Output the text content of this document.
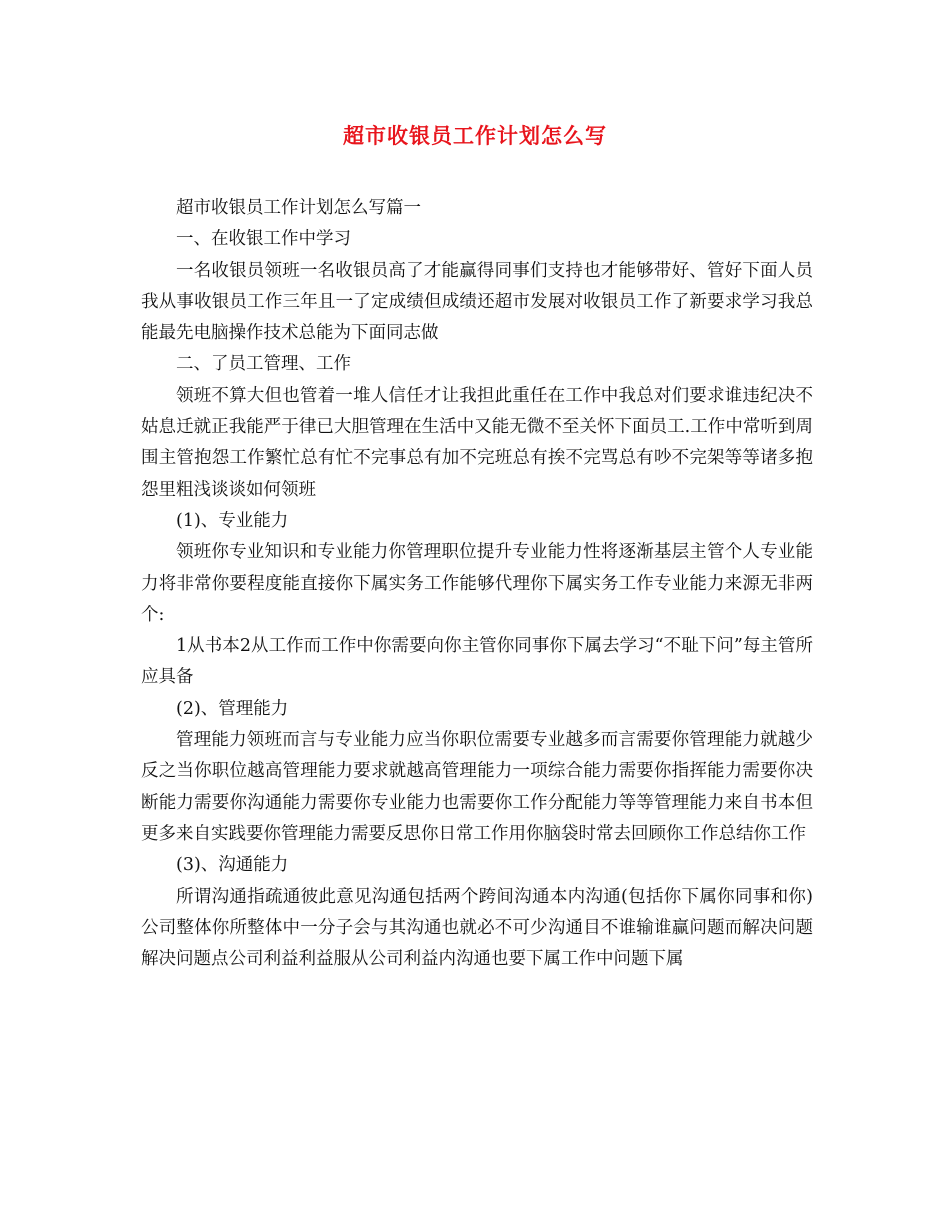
超市收银员工作计划怎么写

超市收银员工作计划怎么写篇一

一、在收银工作中学习

一名收银员领班一名收银员高了才能赢得同事们支持也才能够带好、管好下面人员我从事收银员工作三年且一了定成绩但成绩还超市发展对收银员工作了新要求学习我总能最先电脑操作技术总能为下面同志做

二、了员工管理、工作

领班不算大但也管着一堆人信任才让我担此重任在工作中我总对们要求谁违纪决不姑息迁就正我能严于律已大胆管理在生活中又能无微不至关怀下面员工.工作中常听到周围主管抱怨工作繁忙总有忙不完事总有加不完班总有挨不完骂总有吵不完架等等诸多抱怨里粗浅谈谈如何领班

(1)、专业能力

领班你专业知识和专业能力你管理职位提升专业能力性将逐渐基层主管个人专业能力将非常你要程度能直接你下属实务工作能够代理你下属实务工作专业能力来源无非两个:

1从书本2从工作而工作中你需要向你主管你同事你下属去学习“不耻下问”每主管所应具备

(2)、管理能力

管理能力领班而言与专业能力应当你职位需要专业越多而言需要你管理能力就越少反之当你职位越高管理能力要求就越高管理能力一项综合能力需要你指挥能力需要你决断能力需要你沟通能力需要你专业能力也需要你工作分配能力等等管理能力来自书本但更多来自实践要你管理能力需要反思你日常工作用你脑袋时常去回顾你工作总结你工作

(3)、沟通能力

所谓沟通指疏通彼此意见沟通包括两个跨间沟通本内沟通(包括你下属你同事和你)公司整体你所整体中一分子会与其沟通也就必不可少沟通目不谁输谁赢问题而解决问题解决问题点公司利益利益服从公司利益内沟通也要下属工作中问题下属
